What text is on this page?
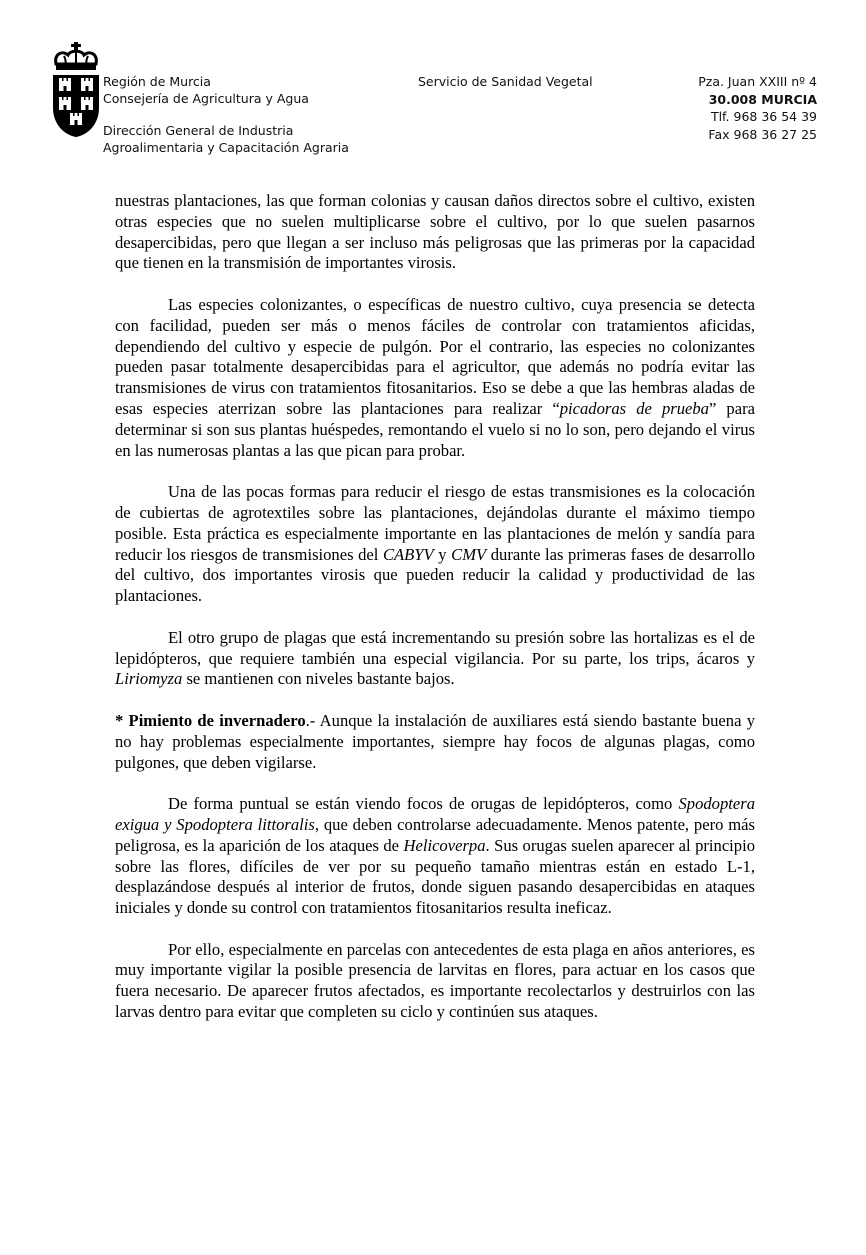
Región de Murcia
Consejería de Agricultura y Agua
Dirección General de Industria
Agroalimentaria y Capacitación Agraria
Servicio de Sanidad Vegetal	Pza. Juan XXIII nº 4
30.008 MURCIA
Tlf. 968 36 54 39
Fax 968 36 27 25

nuestras plantaciones, las que forman colonias y causan daños directos sobre el cultivo, existen otras especies que no suelen multiplicarse sobre el cultivo, por lo que suelen pasarnos desapercibidas, pero que llegan a ser incluso más peligrosas que las primeras por la capacidad que tienen en la transmisión de importantes virosis.

Las especies colonizantes, o específicas de nuestro cultivo, cuya presencia se detecta con facilidad, pueden ser más o menos fáciles de controlar con tratamientos aficidas, dependiendo del cultivo y especie de pulgón. Por el contrario, las especies no colonizantes pueden pasar totalmente desapercibidas para el agricultor, que además no podría evitar las transmisiones de virus con tratamientos fitosanitarios. Eso se debe a que las hembras aladas de esas especies aterrizan sobre las plantaciones para realizar “picadoras de prueba” para determinar si son sus plantas huéspedes, remontando el vuelo si no lo son, pero dejando el virus en las numerosas plantas a las que pican para probar.

Una de las pocas formas para reducir el riesgo de estas transmisiones es la colocación de cubiertas de agrotextiles sobre las plantaciones, dejándolas durante el máximo tiempo posible. Esta práctica es especialmente importante en las plantaciones de melón y sandía para reducir los riesgos de transmisiones del CABYV y CMV durante las primeras fases de desarrollo del cultivo, dos importantes virosis que pueden reducir la calidad y productividad de las plantaciones.

El otro grupo de plagas que está incrementando su presión sobre las hortalizas es el de lepidópteros, que requiere también una especial vigilancia. Por su parte, los trips, ácaros y Liriomyza se mantienen con niveles bastante bajos.

* Pimiento de invernadero.- Aunque la instalación de auxiliares está siendo bastante buena y no hay problemas especialmente importantes, siempre hay focos de algunas plagas, como pulgones, que deben vigilarse.

De forma puntual se están viendo focos de orugas de lepidópteros, como Spodoptera exigua y Spodoptera littoralis, que deben controlarse adecuadamente. Menos patente, pero más peligrosa, es la aparición de los ataques de Helicoverpa. Sus orugas suelen aparecer al principio sobre las flores, difíciles de ver por su pequeño tamaño mientras están en estado L-1, desplazándose después al interior de frutos, donde siguen pasando desapercibidas en ataques iniciales y donde su control con tratamientos fitosanitarios resulta ineficaz.

Por ello, especialmente en parcelas con antecedentes de esta plaga en años anteriores, es muy importante vigilar la posible presencia de larvitas en flores, para actuar en los casos que fuera necesario. De aparecer frutos afectados, es importante recolectarlos y destruirlos con las larvas dentro para evitar que completen su ciclo y continúen sus ataques.
